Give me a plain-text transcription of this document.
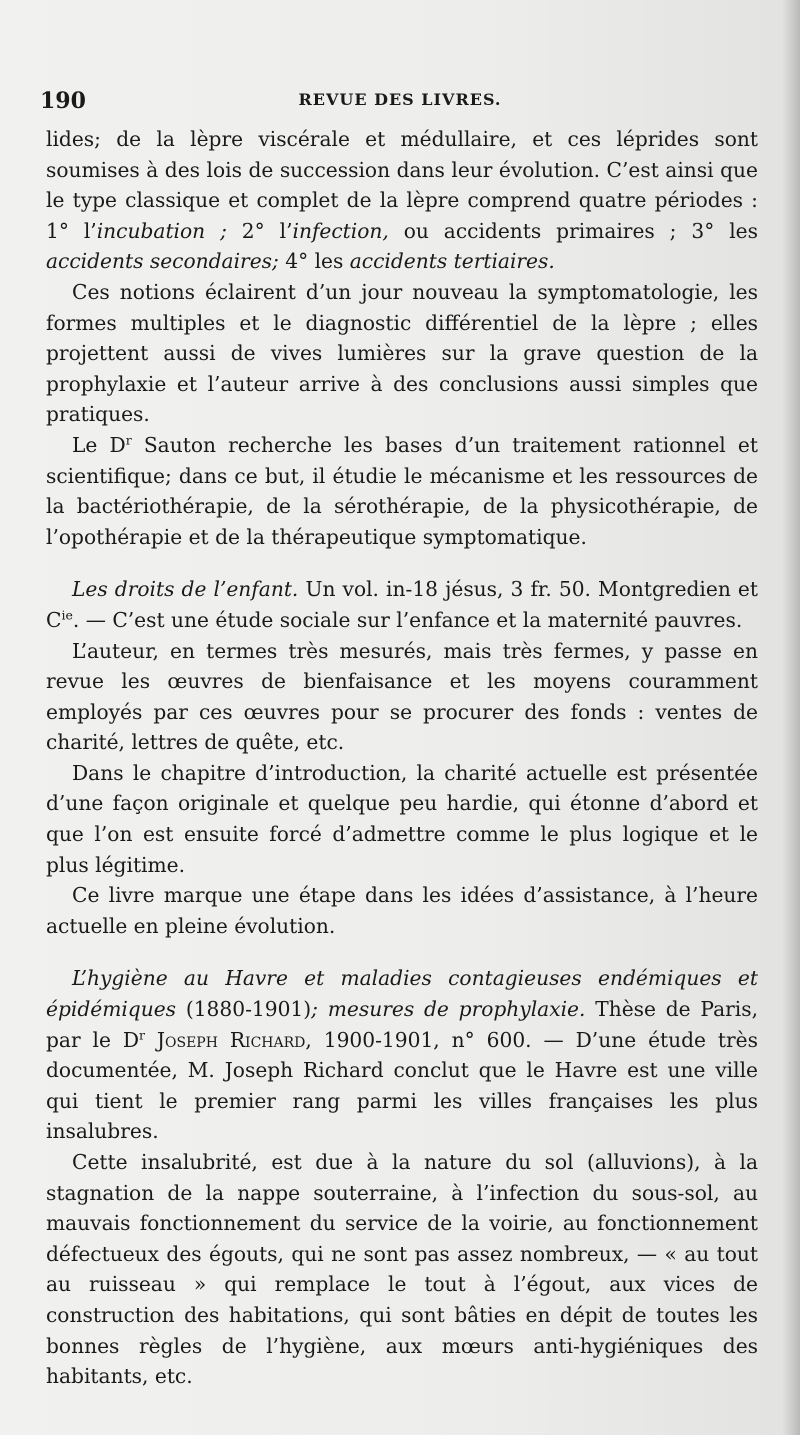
190	REVUE DES LIVRES.

lides; de la lèpre viscérale et médullaire, et ces léprides sont soumises à des lois de succession dans leur évolution. C’est ainsi que le type classique et complet de la lèpre comprend quatre périodes : 1° l’incubation ; 2° l’infection, ou accidents primaires ; 3° les accidents secondaires; 4° les accidents tertiaires.

Ces notions éclairent d’un jour nouveau la symptomatologie, les formes multiples et le diagnostic différentiel de la lèpre ; elles projettent aussi de vives lumières sur la grave question de la prophylaxie et l’auteur arrive à des conclusions aussi simples que pratiques.

Le $D^r$ Sauton recherche les bases d’un traitement rationnel et scientifique; dans ce but, il étudie le mécanisme et les ressources de la bactériothérapie, de la sérothérapie, de la physicothérapie, de l’opothérapie et de la thérapeutique symptomatique.

Les droits de l’enfant. Un vol. in-18 jésus, 3 fr. 50. Montgredien et $C^{ie}$. — C’est une étude sociale sur l’enfance et la maternité pauvres.

L’auteur, en termes très mesurés, mais très fermes, y passe en revue les œuvres de bienfaisance et les moyens couramment employés par ces œuvres pour se procurer des fonds : ventes de charité, lettres de quête, etc.

Dans le chapitre d’introduction, la charité actuelle est présentée d’une façon originale et quelque peu hardie, qui étonne d’abord et que l’on est ensuite forcé d’admettre comme le plus logique et le plus légitime.

Ce livre marque une étape dans les idées d’assistance, à l’heure actuelle en pleine évolution.

L’hygiène au Havre et maladies contagieuses endémiques et épidémiques (1880-1901); mesures de prophylaxie. Thèse de Paris, par le $D^r$ Joseph Richard, 1900-1901, n° 600. — D’une étude très documentée, M. Joseph Richard conclut que le Havre est une ville qui tient le premier rang parmi les villes françaises les plus insalubres.

Cette insalubrité, est due à la nature du sol (alluvions), à la stagnation de la nappe souterraine, à l’infection du sous-sol, au mauvais fonctionnement du service de la voirie, au fonctionnement défectueux des égouts, qui ne sont pas assez nombreux, — « au tout au ruisseau » qui remplace le tout à l’égout, aux vices de construction des habitations, qui sont bâties en dépit de toutes les bonnes règles de l’hygiène, aux mœurs anti-hygiéniques des habitants, etc.
